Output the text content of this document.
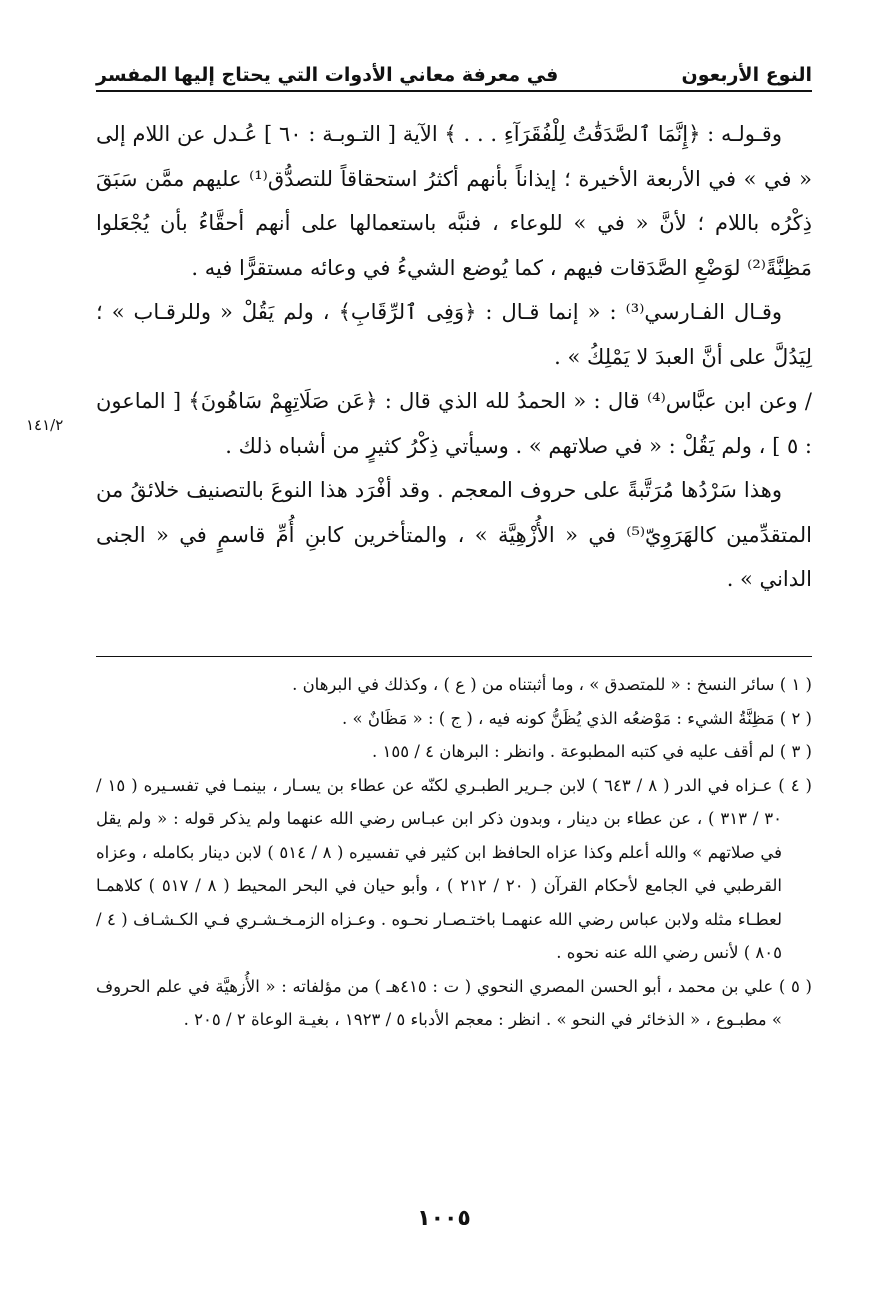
النوع الأربعون
في معرفة معاني الأدوات التي يحتاج إليها المفسر
١٤١/٢

وقـولـه : ﴿إِنَّمَا ٱلصَّدَقَٰتُ لِلْفُقَرَآءِ . . . ﴾ الآية [ التـوبـة : ٦٠ ] عُـدل عن اللام إلى « في » في الأربعة الأخيرة ؛ إيذاناً بأنهم أكثرُ استحقاقاً للتصدُّق⁽¹⁾ عليهم ممَّن سَبَقَ ذِكْرُه باللام ؛ لأنَّ « في » للوعاء ، فنبَّه باستعمالها على أنهم أحقَّاءُ بأن يُجْعَلوا مَظِنَّةً⁽²⁾ لوَضْعِ الصَّدَقات فيهم ، كما يُوضع الشيءُ في وعائه مستقرًّا فيه .

وقـال الفـارسي⁽³⁾ : « إنما قـال : ﴿وَفِى ٱلرِّقَابِ﴾ ، ولم يَقُلْ « وللرقـاب » ؛ لِيَدُلَّ على أنَّ العبدَ لا يَمْلِكُ » .

/ وعن ابن عبَّاس⁽⁴⁾ قال : « الحمدُ لله الذي قال : ﴿عَن صَلَاتِهِمْ سَاهُونَ﴾ [ الماعون : ٥ ] ، ولم يَقُلْ : « في صلاتهم » . وسيأتي ذِكْرُ كثيرٍ من أشباه ذلك .

وهذا سَرْدُها مُرَتَّبةً على حروف المعجم . وقد أفْرَد هذا النوعَ بالتصنيف خلائقُ من المتقدِّمين كالهَرَوِيّ⁽⁵⁾ في « الأُزْهِيَّة » ، والمتأخرين كابنِ أُمِّ قاسمٍ في « الجنى الداني » .

( ١ ) سائر النسخ : « للمتصدق » ، وما أثبتناه من ( ع ) ، وكذلك في البرهان .

( ٢ ) مَظِنَّةُ الشيء : مَوْضعُه الذي يُظَنُّ كونه فيه ، ( ج ) : « مَظَانٌ » .

( ٣ ) لم أقف عليه في كتبه المطبوعة . وانظر : البرهان ٤ / ١٥٥ .

( ٤ ) عـزاه في الدر ( ٨ / ٦٤٣ ) لابن جـرير الطبـري لكنّه عن عطاء بن يسـار ، بينمـا في تفسـيره ( ١٥ / ٣٠ / ٣١٣ ) ، عن عطاء بن دينار ، وبدون ذكر ابن عبـاس رضي الله عنهما ولم يذكر قوله : « ولم يقل في صلاتهم » والله أعلم وكذا عزاه الحافظ ابن كثير في تفسيره ( ٨ / ٥١٤ ) لابن دينار بكامله ، وعزاه القرطبي في الجامع لأحكام القرآن ( ٢٠ / ٢١٢ ) ، وأبو حيان في البحر المحيط ( ٨ / ٥١٧ ) كلاهمـا لعطـاء مثله ولابن عباس رضي الله عنهمـا باختـصـار نحـوه . وعـزاه الزمـخـشـري فـي الكـشـاف ( ٤ / ٨٠٥ ) لأنس رضي الله عنه نحوه .

( ٥ ) علي بن محمد ، أبو الحسن المصري النحوي ( ت : ٤١٥هـ ) من مؤلفاته : « الأُزهيَّة في علم الحروف » مطبـوع ، « الذخائر في النحو » . انظر : معجم الأدباء ٥ / ١٩٢٣ ، بغيـة الوعاة ٢ / ٢٠٥ .

١٠٠٥
